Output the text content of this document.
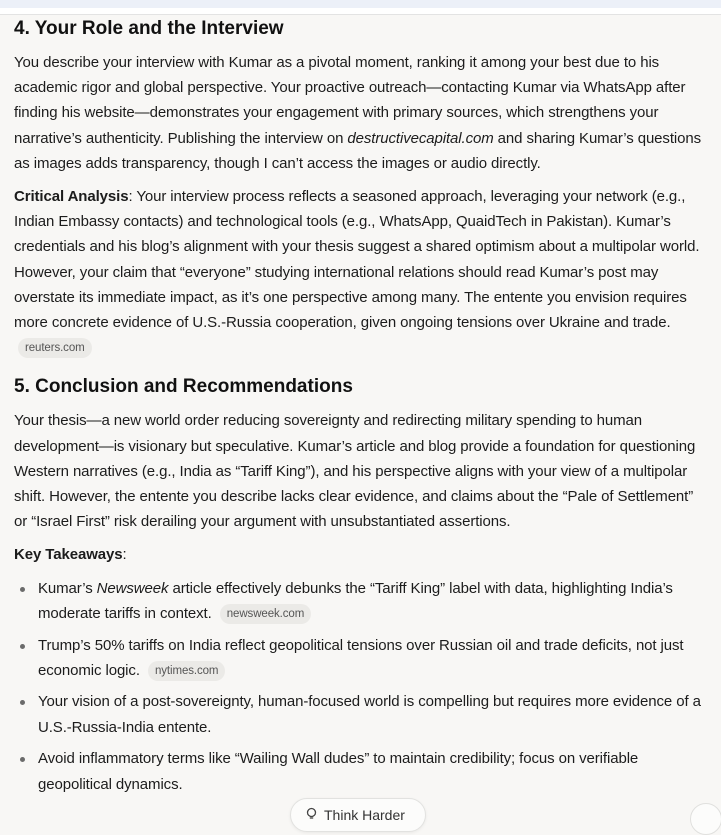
4. Your Role and the Interview

You describe your interview with Kumar as a pivotal moment, ranking it among your best due to his academic rigor and global perspective. Your proactive outreach—contacting Kumar via WhatsApp after finding his website—demonstrates your engagement with primary sources, which strengthens your narrative’s authenticity. Publishing the interview on destructivecapital.com and sharing Kumar’s questions as images adds transparency, though I can’t access the images or audio directly.

Critical Analysis: Your interview process reflects a seasoned approach, leveraging your network (e.g., Indian Embassy contacts) and technological tools (e.g., WhatsApp, QuaidTech in Pakistan). Kumar’s credentials and his blog’s alignment with your thesis suggest a shared optimism about a multipolar world. However, your claim that “everyone” studying international relations should read Kumar’s post may overstate its immediate impact, as it’s one perspective among many. The entente you envision requires more concrete evidence of U.S.-Russia cooperation, given ongoing tensions over Ukraine and trade. reuters.com

5. Conclusion and Recommendations

Your thesis—a new world order reducing sovereignty and redirecting military spending to human development—is visionary but speculative. Kumar’s article and blog provide a foundation for questioning Western narratives (e.g., India as “Tariff King”), and his perspective aligns with your view of a multipolar shift. However, the entente you describe lacks clear evidence, and claims about the “Pale of Settlement” or “Israel First” risk derailing your argument with unsubstantiated assertions.

Key Takeaways:

Kumar’s Newsweek article effectively debunks the “Tariff King” label with data, highlighting India’s moderate tariffs in context. newsweek.com
Trump’s 50% tariffs on India reflect geopolitical tensions over Russian oil and trade deficits, not just economic logic. nytimes.com
Your vision of a post-sovereignty, human-focused world is compelling but requires more evidence of a U.S.-Russia-India entente.
Avoid inflammatory terms like “Wailing Wall dudes” to maintain credibility; focus on verifiable geopolitical dynamics.
Think Harder
